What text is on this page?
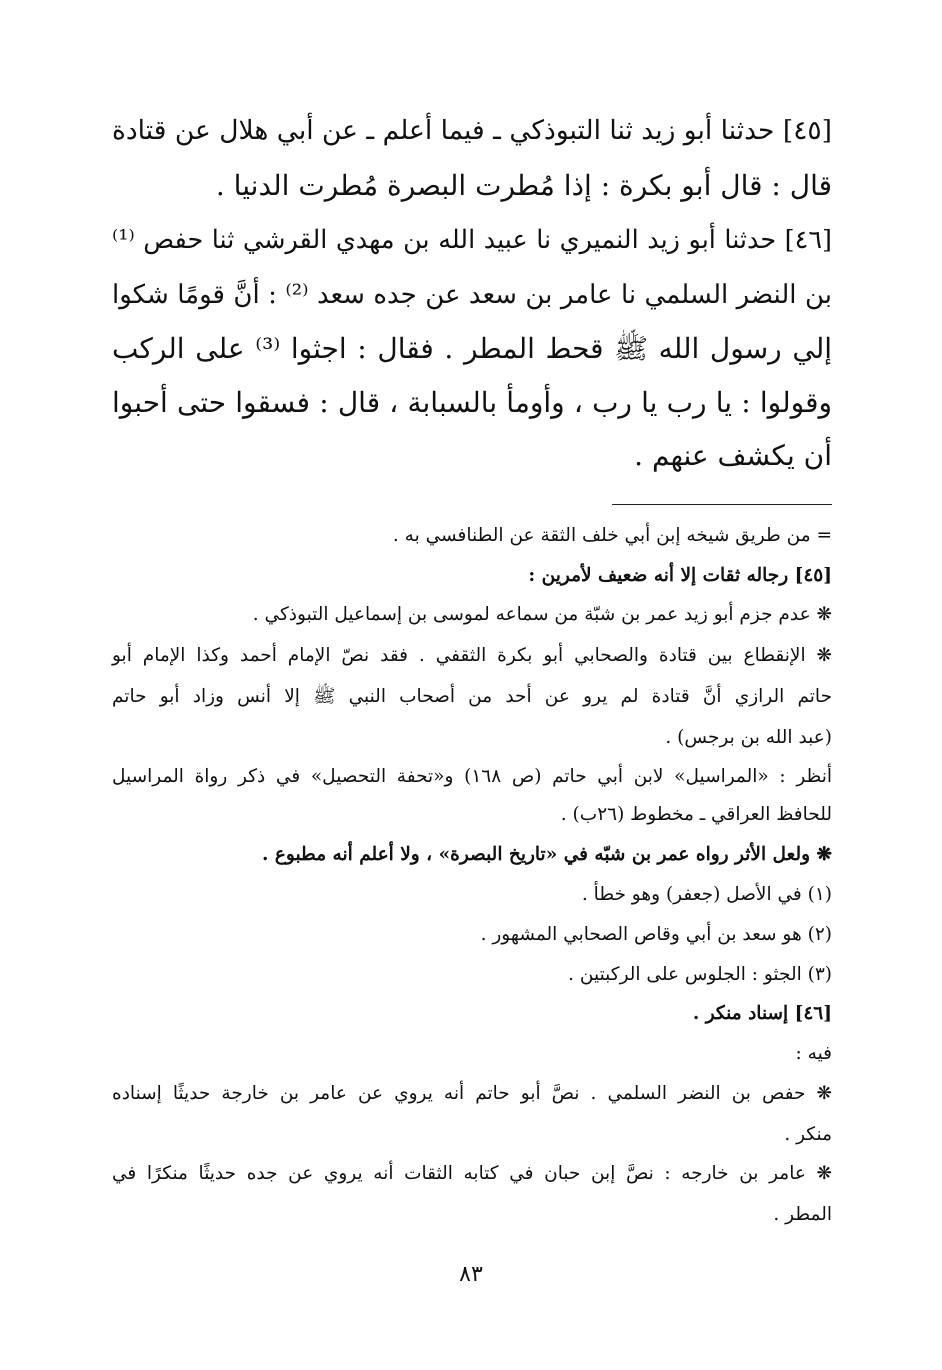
[٤٥] حدثنا أبو زيد ثنا التبوذكي ـ فيما أعلم ـ عن أبي هلال عن قتادة
قال : قال أبو بكرة : إذا مُطرت البصرة مُطرت الدنيا .
[٤٦] حدثنا أبو زيد النميري نا عبيد الله بن مهدي القرشي ثنا حفص ⁽¹⁾
بن النضر السلمي نا عامر بن سعد عن جده سعد ⁽²⁾ : أنَّ قومًا شكوا
إلي رسول الله ﷺ قحط المطر . فقال : اجثوا ⁽³⁾ على الركب
وقولوا : يا رب يا رب ، وأومأ بالسبابة ، قال : فسقوا حتى أحبوا
أن يكشف عنهم .
= من طريق شيخه إبن أبي خلف الثقة عن الطنافسي به .
[٤٥] رجاله ثقات إلا أنه ضعيف لأمرين :
❋ عدم جزم أبو زيد عمر بن شبّة من سماعه لموسى بن إسماعيل التبوذكي .
❋ الإنقطاع بين قتادة والصحابي أبو بكرة الثقفي . فقد نصّ الإمام أحمد وكذا الإمام أبو
حاتم الرازي أنَّ قتادة لم يرو عن أحد من أصحاب النبي ﷺ إلا أنس وزاد أبو حاتم
(عبد الله بن برجس) .
أنظر : «المراسيل» لابن أبي حاتم (ص ١٦٨) و«تحفة التحصيل» في ذكر رواة المراسيل
للحافظ العراقي ـ مخطوط (٢٦ب) .
❋ ولعل الأثر رواه عمر بن شبّه في «تاريخ البصرة» ، ولا أعلم أنه مطبوع .
(١) في الأصل (جعفر) وهو خطأ .
(٢) هو سعد بن أبي وقاص الصحابي المشهور .
(٣) الجثو : الجلوس على الركبتين .
[٤٦] إسناد منكر .
فيه :
❋ حفص بن النضر السلمي . نصَّ أبو حاتم أنه يروي عن عامر بن خارجة حديثًا إسناده
منكر .
❋ عامر بن خارجه : نصَّ إبن حبان في كتابه الثقات أنه يروي عن جده حديثًا منكرًا في
المطر .
٨٣
